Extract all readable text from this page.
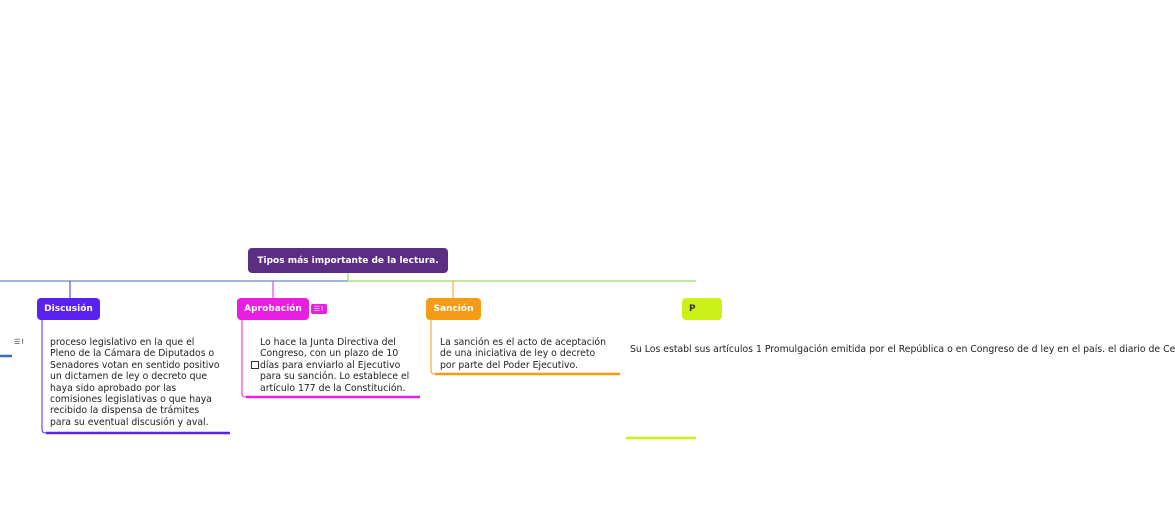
Tipos más importante de la lectura.
Discusión	Aprobación	☰!	Sanción	P
☰!	proceso legislativo en la que el
Pleno de la Cámara de Diputados o
Senadores votan en sentido positivo
un dictamen de ley o decreto que
haya sido aprobado por las
comisiones legislativas o que haya
recibido la dispensa de trámites
para su eventual discusión y aval.
Lo hace la Junta Directiva del
Congreso, con un plazo de 10
días para enviarlo al Ejecutivo
para su sanción. Lo establece el
artículo 177 de la Constitución.
La sanción es el acto de aceptación
de una iniciativa de ley o decreto
por parte del Poder Ejecutivo.
Su Los establ sus artículos 1 Promulgación emitida por el República o en Congreso de d ley en el país. el diario de Ce
